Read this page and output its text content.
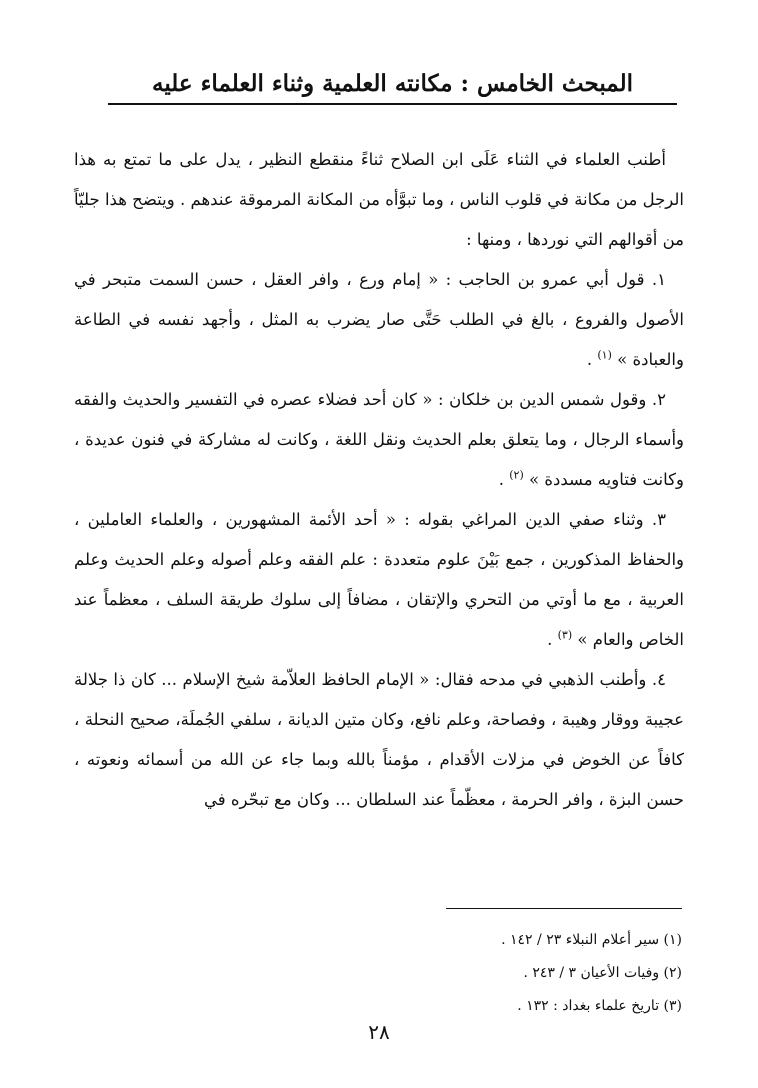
المبحث الخامس : مكانته العلمية وثناء العلماء عليه

أطنب العلماء في الثناء عَلَى ابن الصلاح ثناءً منقطع النظير ، يدل على ما تمتع به هذا الرجل من مكانة في قلوب الناس ، وما تبوَّأه من المكانة المرموقة عندهم . ويتضح هذا جليّاً من أقوالهم التي نوردها ، ومنها :

١. قول أبي عمرو بن الحاجب : « إمام ورع ، وافر العقل ، حسن السمت متبحر في الأصول والفروع ، بالغ في الطلب حَتَّى صار يضرب به المثل ، وأجهد نفسه في الطاعة والعبادة » $^{(١)}$ .

٢. وقول شمس الدين بن خلكان : « كان أحد فضلاء عصره في التفسير والحديث والفقه وأسماء الرجال ، وما يتعلق بعلم الحديث ونقل اللغة ، وكانت له مشاركة في فنون عديدة ، وكانت فتاويه مسددة » $^{(٢)}$ .

٣. وثناء صفي الدين المراغي بقوله : « أحد الأئمة المشهورين ، والعلماء العاملين ، والحفاظ المذكورين ، جمع بَيْنَ علوم متعددة : علم الفقه وعلم أصوله وعلم الحديث وعلم العربية ، مع ما أوتي من التحري والإتقان ، مضافاً إلى سلوك طريقة السلف ، معظماً عند الخاص والعام » $^{(٣)}$ .

٤. وأطنب الذهبي في مدحه فقال: « الإمام الحافظ العلاّمة شيخ الإسلام ... كان ذا جلالة عجيبة ووقار وهيبة ، وفصاحة، وعلم نافع، وكان متين الديانة ، سلفي الجُملَة، صحيح النحلة ، كافاً عن الخوض في مزلات الأقدام ، مؤمناً بالله وبما جاء عن الله من أسمائه ونعوته ، حسن البزة ، وافر الحرمة ، معظّماً عند السلطان ... وكان مع تبحّره في

(١) سير أعلام النبلاء ٢٣ / ١٤٢ .

(٢) وفيات الأعيان ٣ / ٢٤٣ .

(٣) تاريخ علماء بغداد : ١٣٢ .

٢٨
